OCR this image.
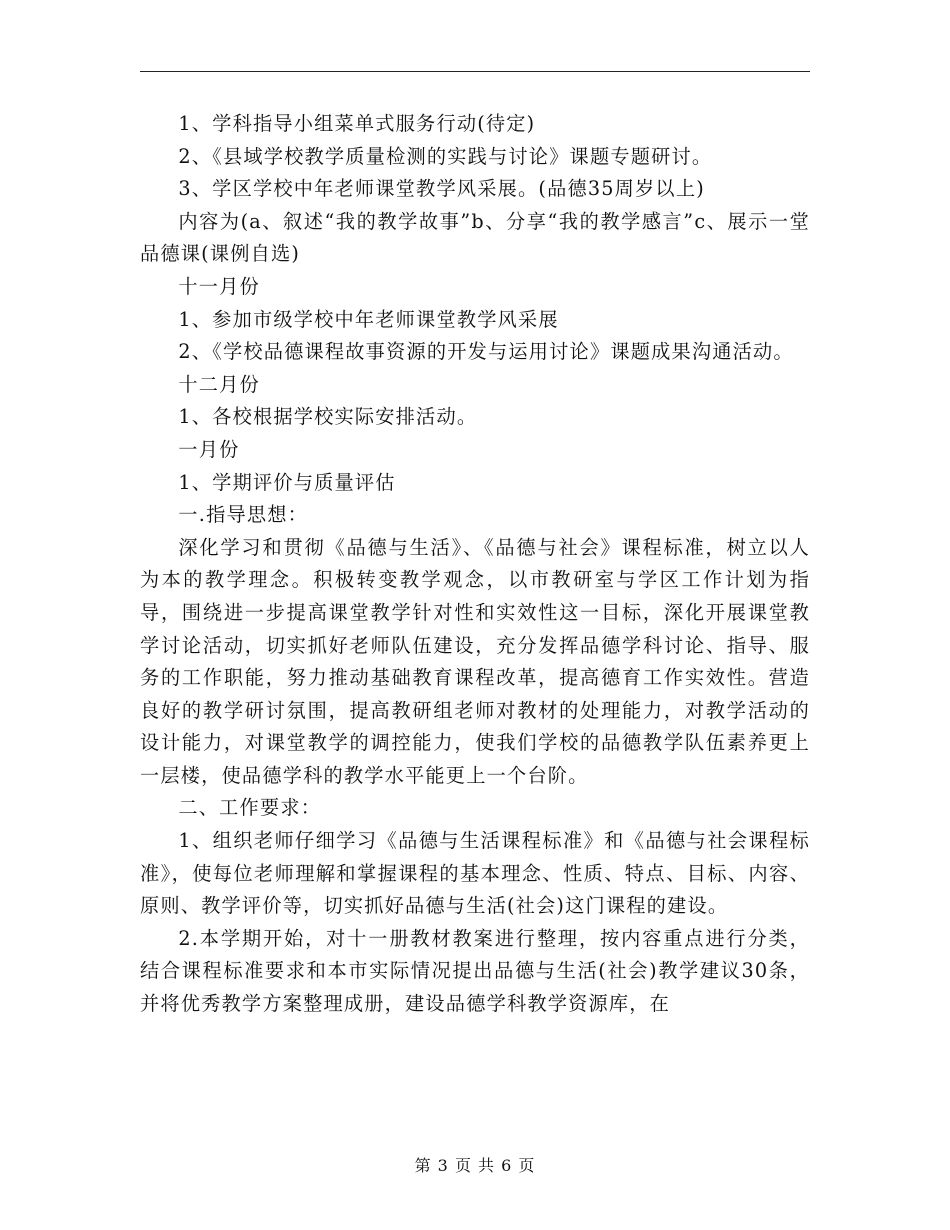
1、学科指导小组菜单式服务行动(待定)

2、《县域学校教学质量检测的实践与讨论》课题专题研讨。

3、学区学校中年老师课堂教学风采展。(品德35周岁以上)

内容为(a、叙述“我的教学故事”b、分享“我的教学感言”c、展示一堂品德课(课例自选)

十一月份

1、参加市级学校中年老师课堂教学风采展

2、《学校品德课程故事资源的开发与运用讨论》课题成果沟通活动。

十二月份

1、各校根据学校实际安排活动。

一月份

1、学期评价与质量评估

一.指导思想：

深化学习和贯彻《品德与生活》、《品德与社会》课程标准，树立以人为本的教学理念。积极转变教学观念，以市教研室与学区工作计划为指导，围绕进一步提高课堂教学针对性和实效性这一目标，深化开展课堂教学讨论活动，切实抓好老师队伍建设，充分发挥品德学科讨论、指导、服务的工作职能，努力推动基础教育课程改革，提高德育工作实效性。营造良好的教学研讨氛围，提高教研组老师对教材的处理能力，对教学活动的设计能力，对课堂教学的调控能力，使我们学校的品德教学队伍素养更上一层楼，使品德学科的教学水平能更上一个台阶。

二、工作要求：

1、组织老师仔细学习《品德与生活课程标准》和《品德与社会课程标准》，使每位老师理解和掌握课程的基本理念、性质、特点、目标、内容、原则、教学评价等，切实抓好品德与生活(社会)这门课程的建设。

2.本学期开始，对十一册教材教案进行整理，按内容重点进行分类，结合课程标准要求和本市实际情况提出品德与生活(社会)教学建议30条，并将优秀教学方案整理成册，建设品德学科教学资源库，在

第 3 页 共 6 页
